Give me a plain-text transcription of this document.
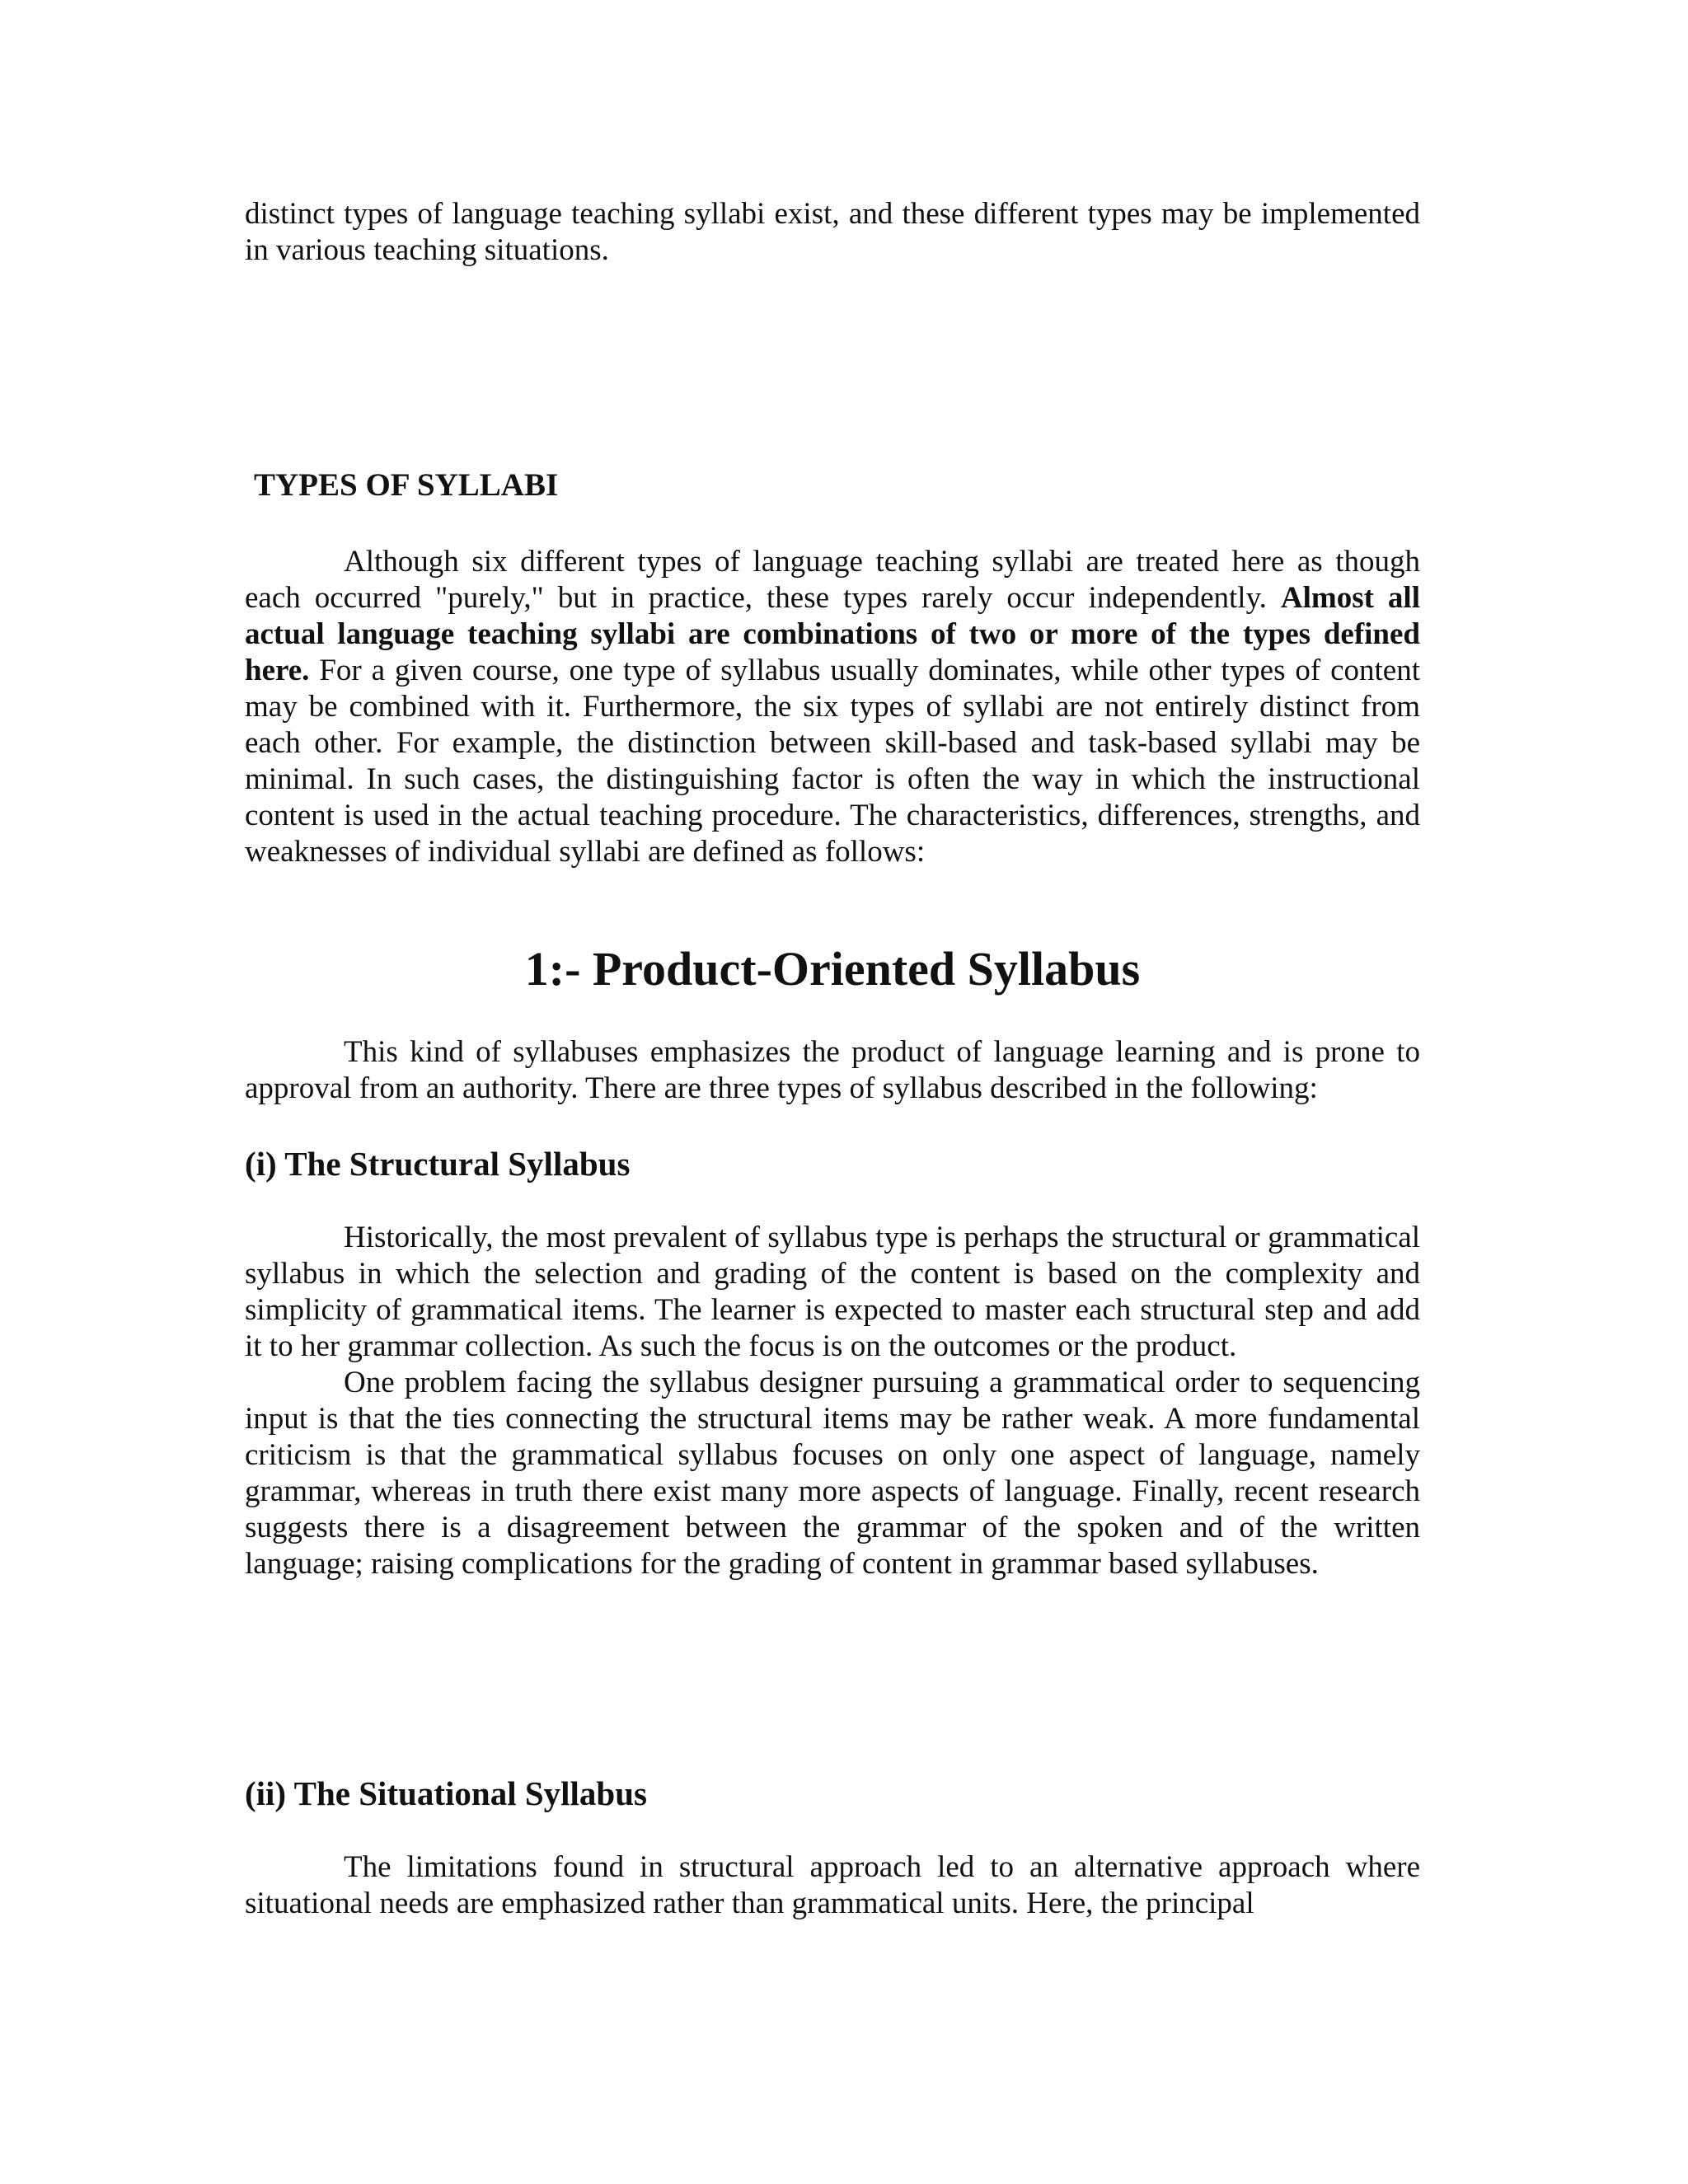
distinct types of language teaching syllabi exist, and these different types may be implemented in various teaching situations.

TYPES OF SYLLABI

Although six different types of language teaching syllabi are treated here as though each occurred "purely," but in practice, these types rarely occur independently. Almost all actual language teaching syllabi are combinations of two or more of the types defined here. For a given course, one type of syllabus usually dominates, while other types of content may be combined with it. Furthermore, the six types of syllabi are not entirely distinct from each other. For example, the distinction between skill-based and task-based syllabi may be minimal. In such cases, the distinguishing factor is often the way in which the instructional content is used in the actual teaching procedure. The characteristics, differences, strengths, and weaknesses of individual syllabi are defined as follows:

1:- Product-Oriented Syllabus

This kind of syllabuses emphasizes the product of language learning and is prone to approval from an authority. There are three types of syllabus described in the following:

(i) The Structural Syllabus

Historically, the most prevalent of syllabus type is perhaps the structural or grammatical syllabus in which the selection and grading of the content is based on the complexity and simplicity of grammatical items. The learner is expected to master each structural step and add it to her grammar collection. As such the focus is on the outcomes or the product.

One problem facing the syllabus designer pursuing a grammatical order to sequencing input is that the ties connecting the structural items may be rather weak. A more fundamental criticism is that the grammatical syllabus focuses on only one aspect of language, namely grammar, whereas in truth there exist many more aspects of language. Finally, recent research suggests there is a disagreement between the grammar of the spoken and of the written language; raising complications for the grading of content in grammar based syllabuses.

(ii) The Situational Syllabus

The limitations found in structural approach led to an alternative approach where situational needs are emphasized rather than grammatical units. Here, the principal
